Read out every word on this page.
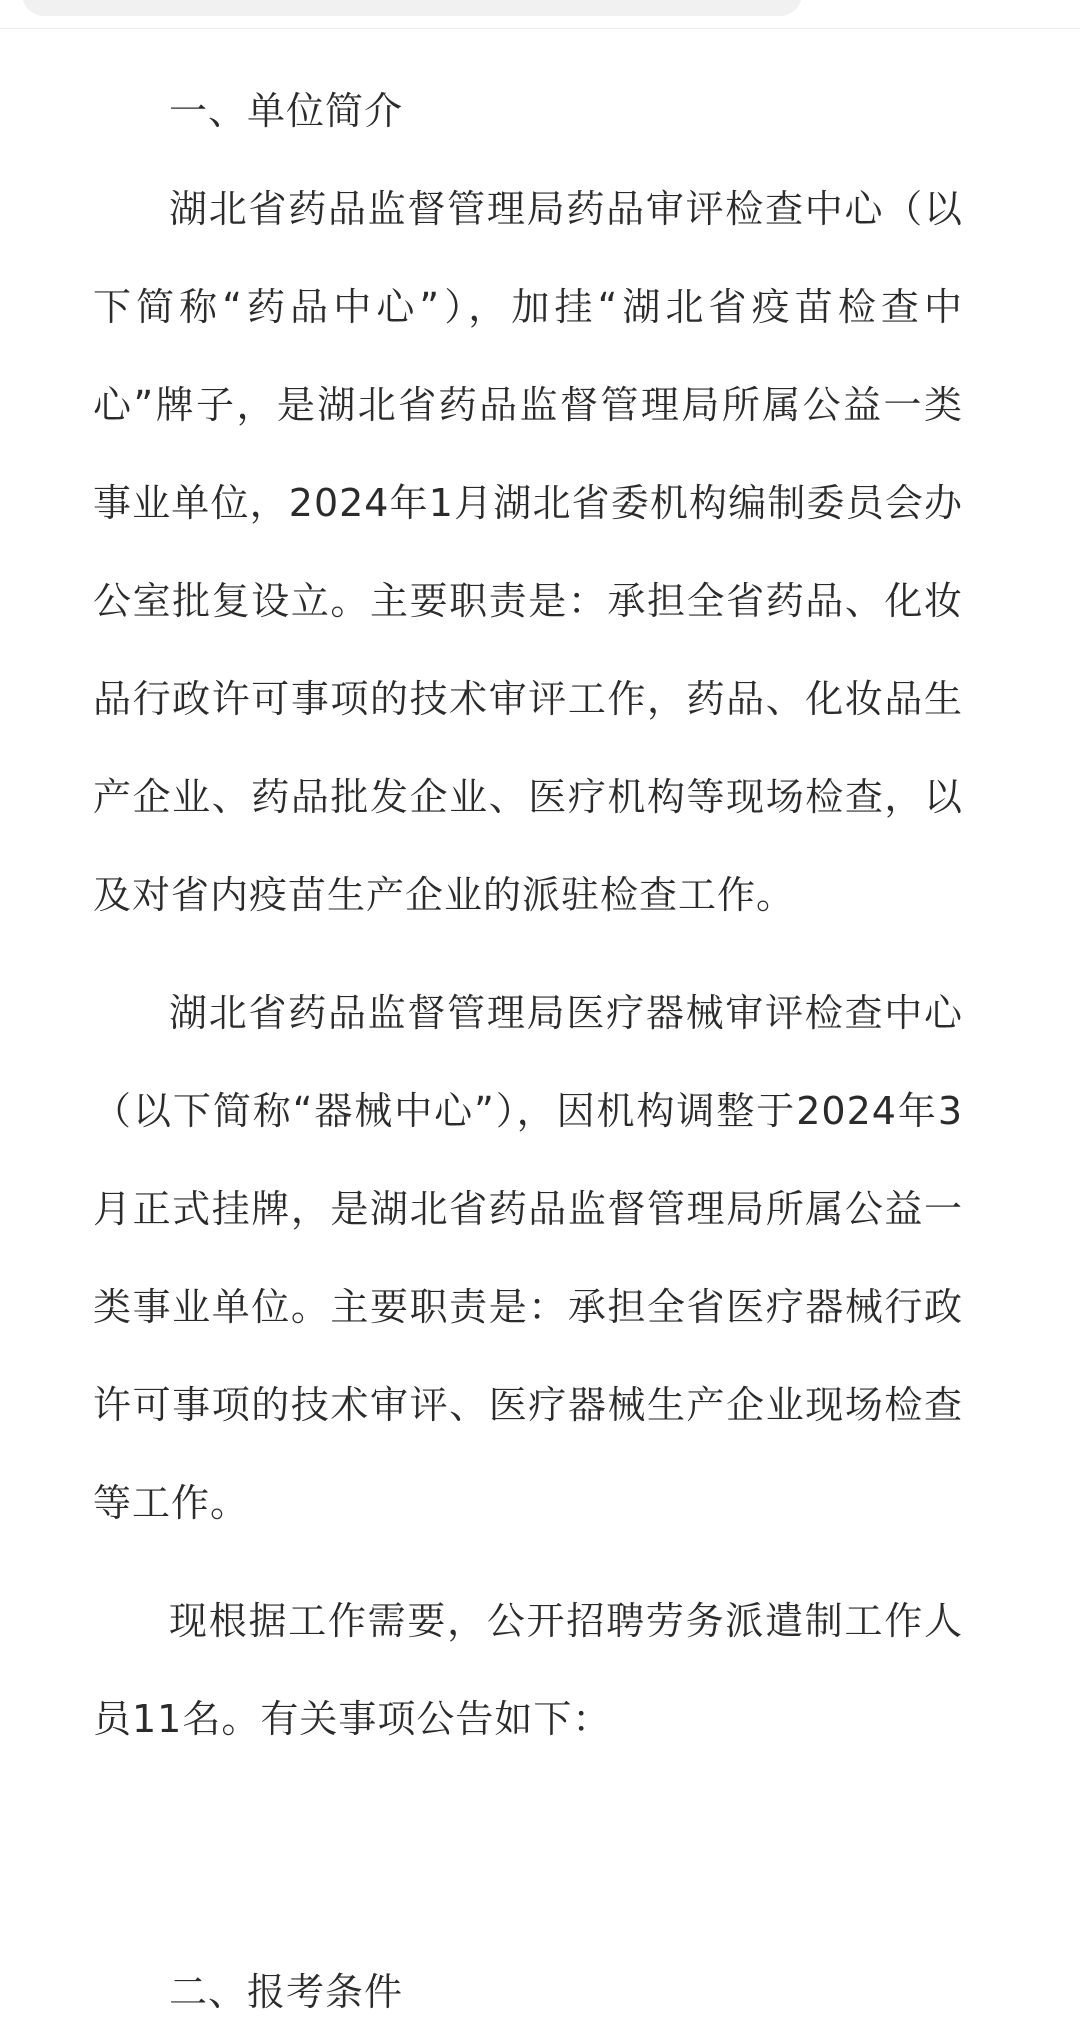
一、单位简介

湖北省药品监督管理局药品审评检查中心（以下简称“药品中心”），加挂“湖北省疫苗检查中心”牌子，是湖北省药品监督管理局所属公益一类事业单位，2024年1月湖北省委机构编制委员会办公室批复设立。主要职责是：承担全省药品、化妆品行政许可事项的技术审评工作，药品、化妆品生产企业、药品批发企业、医疗机构等现场检查，以及对省内疫苗生产企业的派驻检查工作。

湖北省药品监督管理局医疗器械审评检查中心（以下简称“器械中心”），因机构调整于2024年3月正式挂牌，是湖北省药品监督管理局所属公益一类事业单位。主要职责是：承担全省医疗器械行政许可事项的技术审评、医疗器械生产企业现场检查等工作。

现根据工作需要，公开招聘劳务派遣制工作人员11名。有关事项公告如下：

二、报考条件
